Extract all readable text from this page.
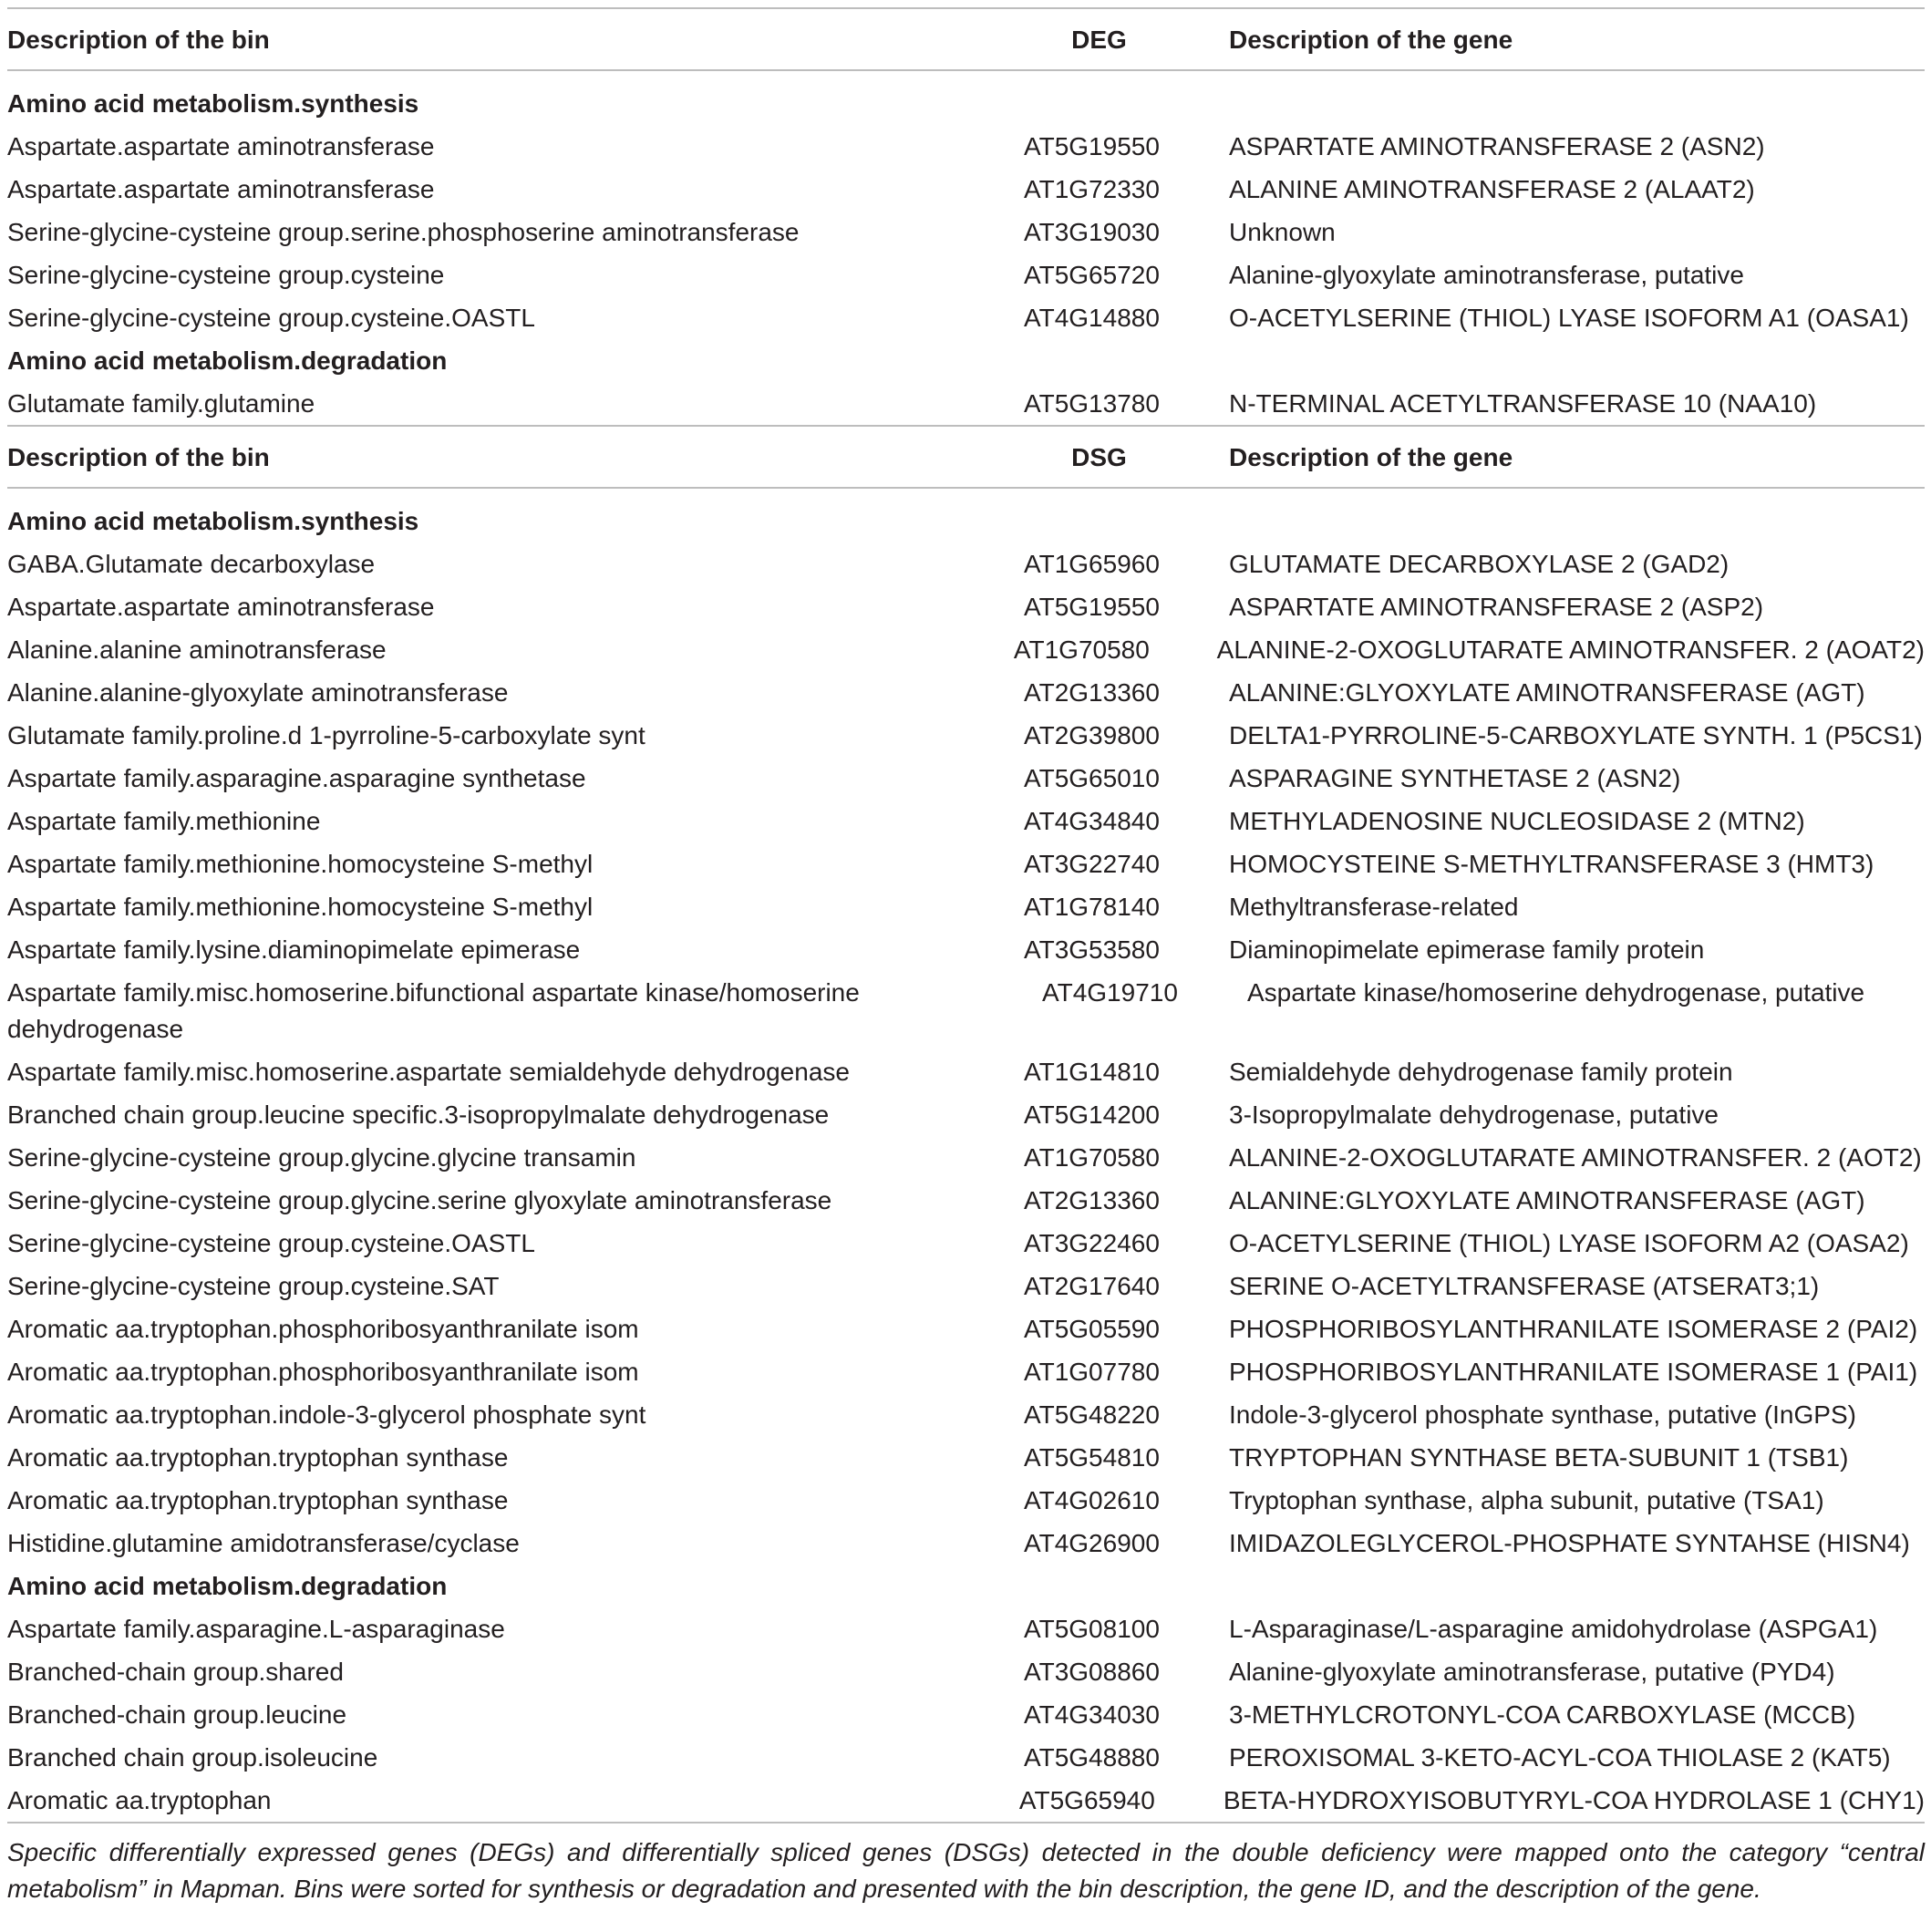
Description of the bin	DEG	Description of the gene
Amino acid metabolism.synthesis
Aspartate.aspartate aminotransferase	AT5G19550	ASPARTATE AMINOTRANSFERASE 2 (ASN2)
Aspartate.aspartate aminotransferase	AT1G72330	ALANINE AMINOTRANSFERASE 2 (ALAAT2)
Serine-glycine-cysteine group.serine.phosphoserine aminotransferase	AT3G19030	Unknown
Serine-glycine-cysteine group.cysteine	AT5G65720	Alanine-glyoxylate aminotransferase, putative
Serine-glycine-cysteine group.cysteine.OASTL	AT4G14880	O-ACETYLSERINE (THIOL) LYASE ISOFORM A1 (OASA1)
Amino acid metabolism.degradation
Glutamate family.glutamine	AT5G13780	N-TERMINAL ACETYLTRANSFERASE 10 (NAA10)
Description of the bin	DSG	Description of the gene
Amino acid metabolism.synthesis
GABA.Glutamate decarboxylase	AT1G65960	GLUTAMATE DECARBOXYLASE 2 (GAD2)
Aspartate.aspartate aminotransferase	AT5G19550	ASPARTATE AMINOTRANSFERASE 2 (ASP2)
Alanine.alanine aminotransferase	AT1G70580	ALANINE-2-OXOGLUTARATE AMINOTRANSFER. 2 (AOAT2)
Alanine.alanine-glyoxylate aminotransferase	AT2G13360	ALANINE:GLYOXYLATE AMINOTRANSFERASE (AGT)
Glutamate family.proline.d 1-pyrroline-5-carboxylate synt	AT2G39800	DELTA1-PYRROLINE-5-CARBOXYLATE SYNTH. 1 (P5CS1)
Aspartate family.asparagine.asparagine synthetase	AT5G65010	ASPARAGINE SYNTHETASE 2 (ASN2)
Aspartate family.methionine	AT4G34840	METHYLADENOSINE NUCLEOSIDASE 2 (MTN2)
Aspartate family.methionine.homocysteine S-methyl	AT3G22740	HOMOCYSTEINE S-METHYLTRANSFERASE 3 (HMT3)
Aspartate family.methionine.homocysteine S-methyl	AT1G78140	Methyltransferase-related
Aspartate family.lysine.diaminopimelate epimerase	AT3G53580	Diaminopimelate epimerase family protein
Aspartate family.misc.homoserine.bifunctional aspartate kinase/homoserine dehydrogenase
AT4G19710	Aspartate kinase/homoserine dehydrogenase, putative
Aspartate family.misc.homoserine.aspartate semialdehyde dehydrogenase	AT1G14810	Semialdehyde dehydrogenase family protein
Branched chain group.leucine specific.3-isopropylmalate dehydrogenase	AT5G14200	3-Isopropylmalate dehydrogenase, putative
Serine-glycine-cysteine group.glycine.glycine transamin	AT1G70580	ALANINE-2-OXOGLUTARATE AMINOTRANSFER. 2 (AOT2)
Serine-glycine-cysteine group.glycine.serine glyoxylate aminotransferase	AT2G13360	ALANINE:GLYOXYLATE AMINOTRANSFERASE (AGT)
Serine-glycine-cysteine group.cysteine.OASTL	AT3G22460	O-ACETYLSERINE (THIOL) LYASE ISOFORM A2 (OASA2)
Serine-glycine-cysteine group.cysteine.SAT	AT2G17640	SERINE O-ACETYLTRANSFERASE (ATSERAT3;1)
Aromatic aa.tryptophan.phosphoribosyanthranilate isom	AT5G05590	PHOSPHORIBOSYLANTHRANILATE ISOMERASE 2 (PAI2)
Aromatic aa.tryptophan.phosphoribosyanthranilate isom	AT1G07780	PHOSPHORIBOSYLANTHRANILATE ISOMERASE 1 (PAI1)
Aromatic aa.tryptophan.indole-3-glycerol phosphate synt	AT5G48220	Indole-3-glycerol phosphate synthase, putative (InGPS)
Aromatic aa.tryptophan.tryptophan synthase	AT5G54810	TRYPTOPHAN SYNTHASE BETA-SUBUNIT 1 (TSB1)
Aromatic aa.tryptophan.tryptophan synthase	AT4G02610	Tryptophan synthase, alpha subunit, putative (TSA1)
Histidine.glutamine amidotransferase/cyclase	AT4G26900	IMIDAZOLEGLYCEROL-PHOSPHATE SYNTAHSE (HISN4)
Amino acid metabolism.degradation
Aspartate family.asparagine.L-asparaginase	AT5G08100	L-Asparaginase/L-asparagine amidohydrolase (ASPGA1)
Branched-chain group.shared	AT3G08860	Alanine-glyoxylate aminotransferase, putative (PYD4)
Branched-chain group.leucine	AT4G34030	3-METHYLCROTONYL-COA CARBOXYLASE (MCCB)
Branched chain group.isoleucine	AT5G48880	PEROXISOMAL 3-KETO-ACYL-COA THIOLASE 2 (KAT5)
Aromatic aa.tryptophan	AT5G65940	BETA-HYDROXYISOBUTYRYL-COA HYDROLASE 1 (CHY1)
Specific differentially expressed genes (DEGs) and differentially spliced genes (DSGs) detected in the double deficiency were mapped onto the category “central metabolism” in Mapman. Bins were sorted for synthesis or degradation and presented with the bin description, the gene ID, and the description of the gene.
